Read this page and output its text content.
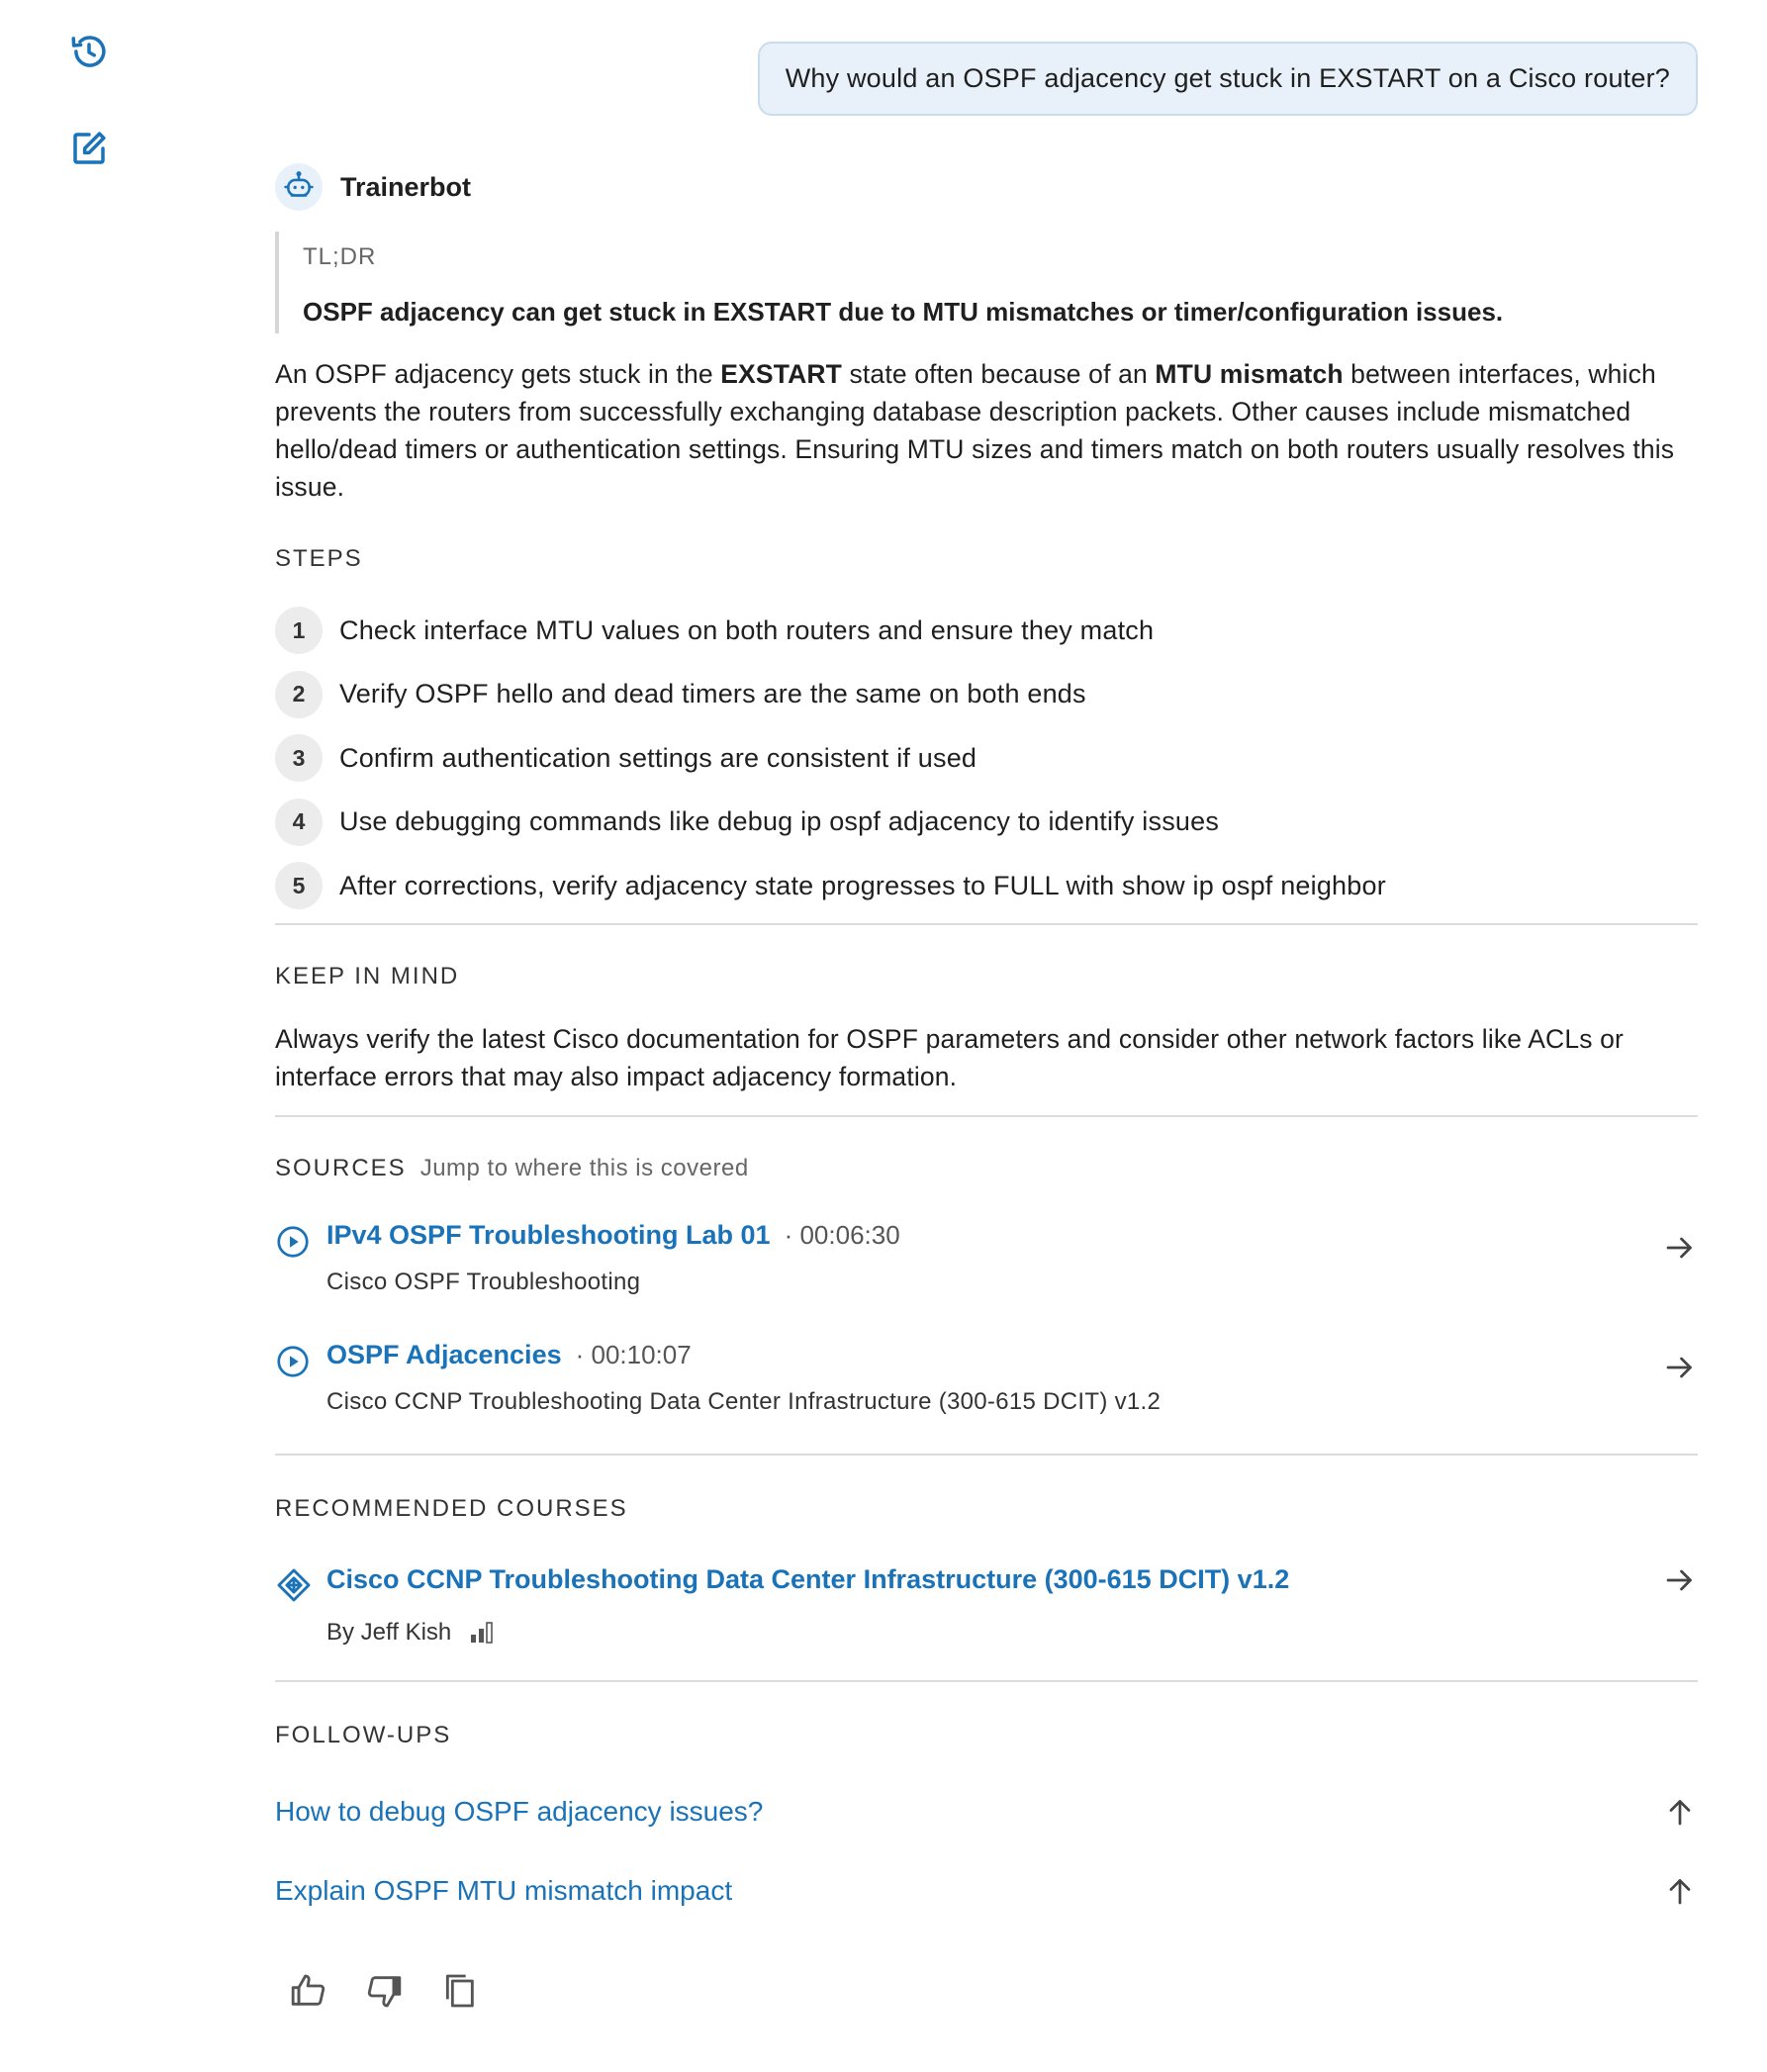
Why would an OSPF adjacency get stuck in EXSTART on a Cisco router?
Trainerbot
TL;DR
OSPF adjacency can get stuck in EXSTART due to MTU mismatches or timer/configuration issues.
An OSPF adjacency gets stuck in the EXSTART state often because of an MTU mismatch between interfaces, which prevents the routers from successfully exchanging database description packets. Other causes include mismatched hello/dead timers or authentication settings. Ensuring MTU sizes and timers match on both routers usually resolves this issue.
STEPS
1	Check interface MTU values on both routers and ensure they match
2	Verify OSPF hello and dead timers are the same on both ends
3	Confirm authentication settings are consistent if used
4	Use debugging commands like debug ip ospf adjacency to identify issues
5	After corrections, verify adjacency state progresses to FULL with show ip ospf neighbor
KEEP IN MIND
Always verify the latest Cisco documentation for OSPF parameters and consider other network factors like ACLs or interface errors that may also impact adjacency formation.
SOURCES Jump to where this is covered
IPv4 OSPF Troubleshooting Lab 01 · 00:06:30
Cisco OSPF Troubleshooting
OSPF Adjacencies · 00:10:07
Cisco CCNP Troubleshooting Data Center Infrastructure (300-615 DCIT) v1.2
RECOMMENDED COURSES
Cisco CCNP Troubleshooting Data Center Infrastructure (300-615 DCIT) v1.2
By Jeff Kish
FOLLOW-UPS
How to debug OSPF adjacency issues?
Explain OSPF MTU mismatch impact
